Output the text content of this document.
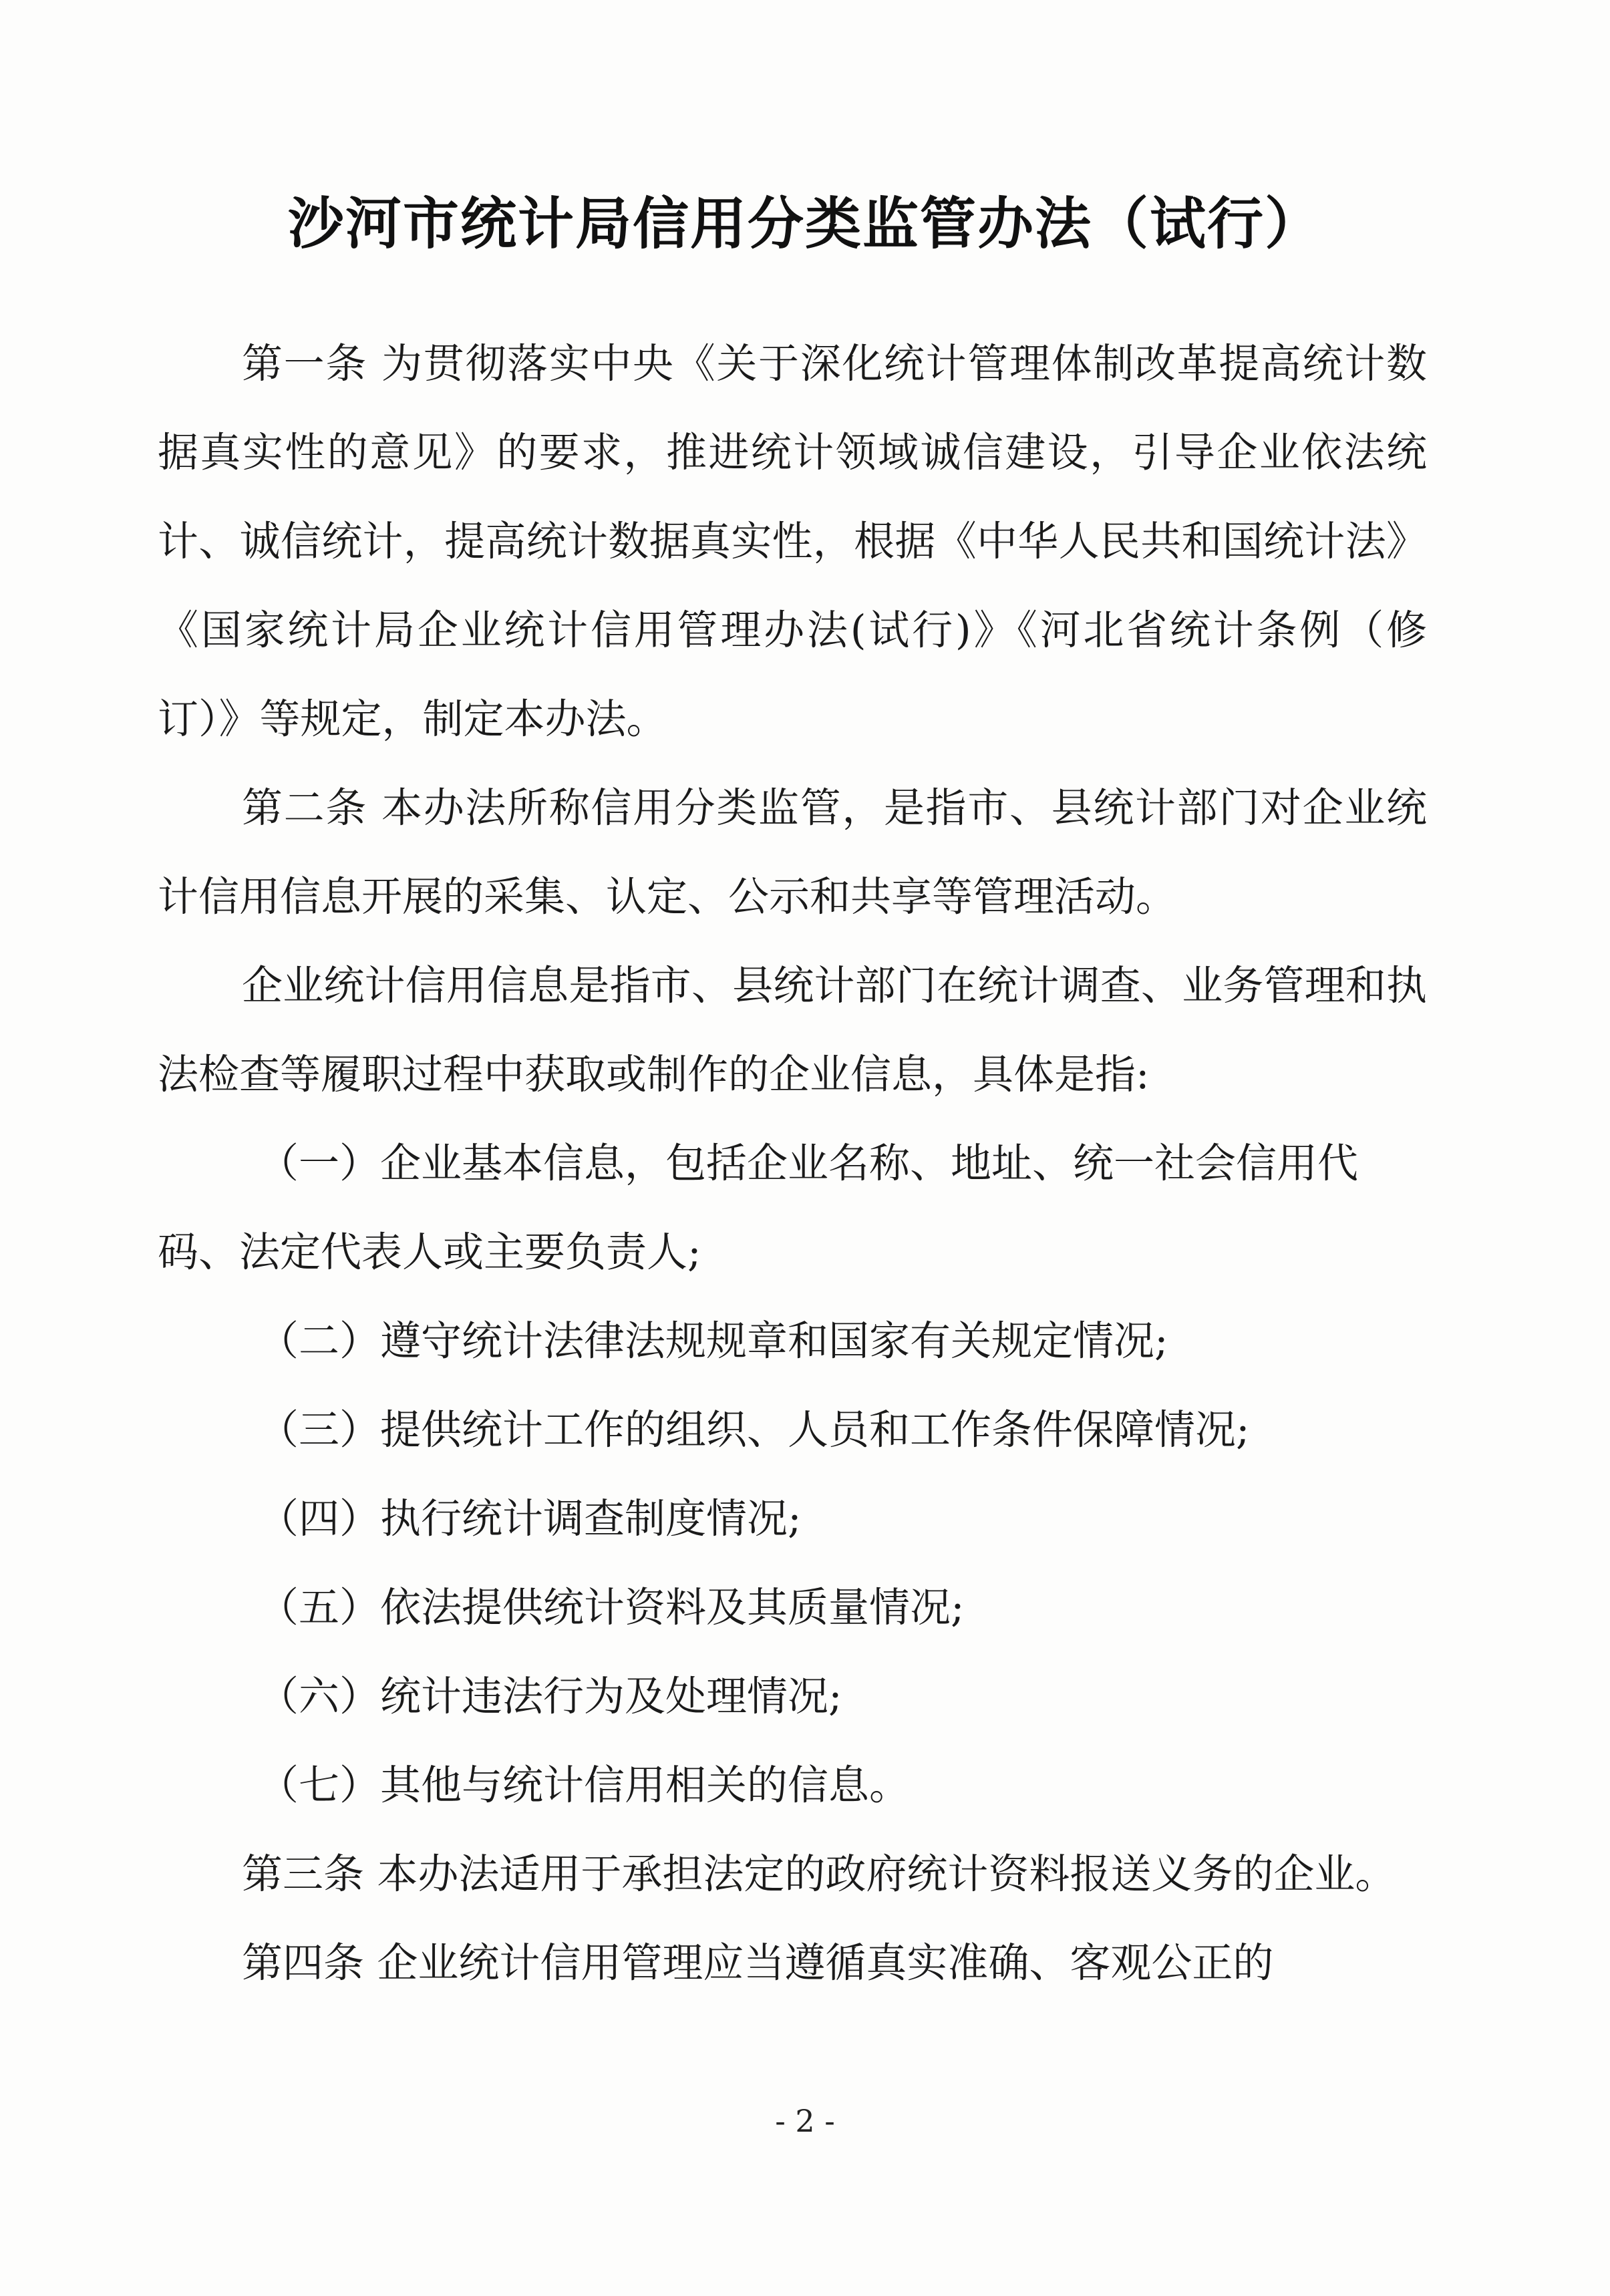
沙河市统计局信用分类监管办法（试行）

第一条 为贯彻落实中央《关于深化统计管理体制改革提高统计数据真实性的意见》的要求，推进统计领域诚信建设，引导企业依法统计、诚信统计，提高统计数据真实性，根据《中华人民共和国统计法》《国家统计局企业统计信用管理办法(试行)》《河北省统计条例（修订）》等规定，制定本办法。

第二条 本办法所称信用分类监管，是指市、县统计部门对企业统计信用信息开展的采集、认定、公示和共享等管理活动。

企业统计信用信息是指市、县统计部门在统计调查、业务管理和执法检查等履职过程中获取或制作的企业信息，具体是指:

（一）企业基本信息，包括企业名称、地址、统一社会信用代码、法定代表人或主要负责人;

（二）遵守统计法律法规规章和国家有关规定情况;

（三）提供统计工作的组织、人员和工作条件保障情况;

（四）执行统计调查制度情况;

（五）依法提供统计资料及其质量情况;

（六）统计违法行为及处理情况;

（七）其他与统计信用相关的信息。

第三条 本办法适用于承担法定的政府统计资料报送义务的企业。

第四条 企业统计信用管理应当遵循真实准确、客观公正的

- 2 -
